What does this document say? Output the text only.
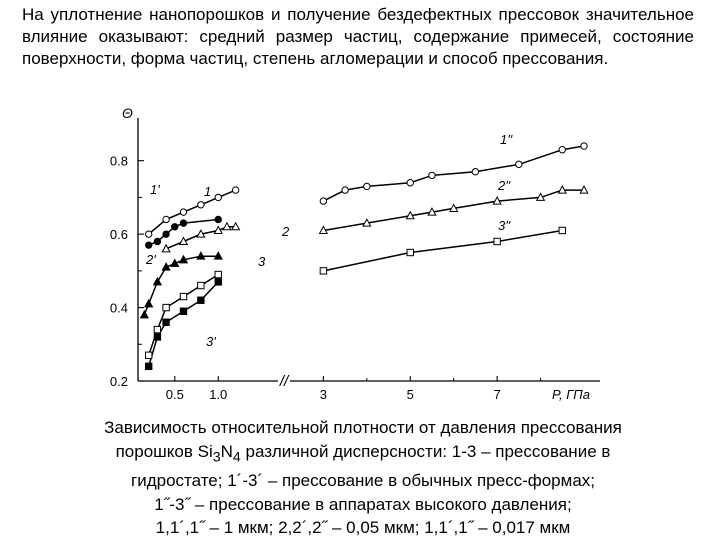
На уплотнение нанопорошков и получение бездефектных прессовок значительное влияние оказывают: средний размер частиц, содержание примесей, состояние поверхности, форма частиц, степень агломерации и способ прессования.

0.2
0.4
0.6
0.8
0.5 1.0	3	5	7
//
Θ
P, ГПа
1
2
3
1'
2'
3'
1''
2''
3''

Зависимость относительной плотности от давления прессования
порошков $Si_3N_4$ различной дисперсности: 1-3 – прессование в
гидростате; 1´-3´ – прессование в обычных пресс-формах;
1˝-3˝ – прессование в аппаратах высокого давления;
1,1´,1˝ – 1 мкм; 2,2´,2˝ – 0,05 мкм; 1,1´,1˝ – 0,017 мкм
